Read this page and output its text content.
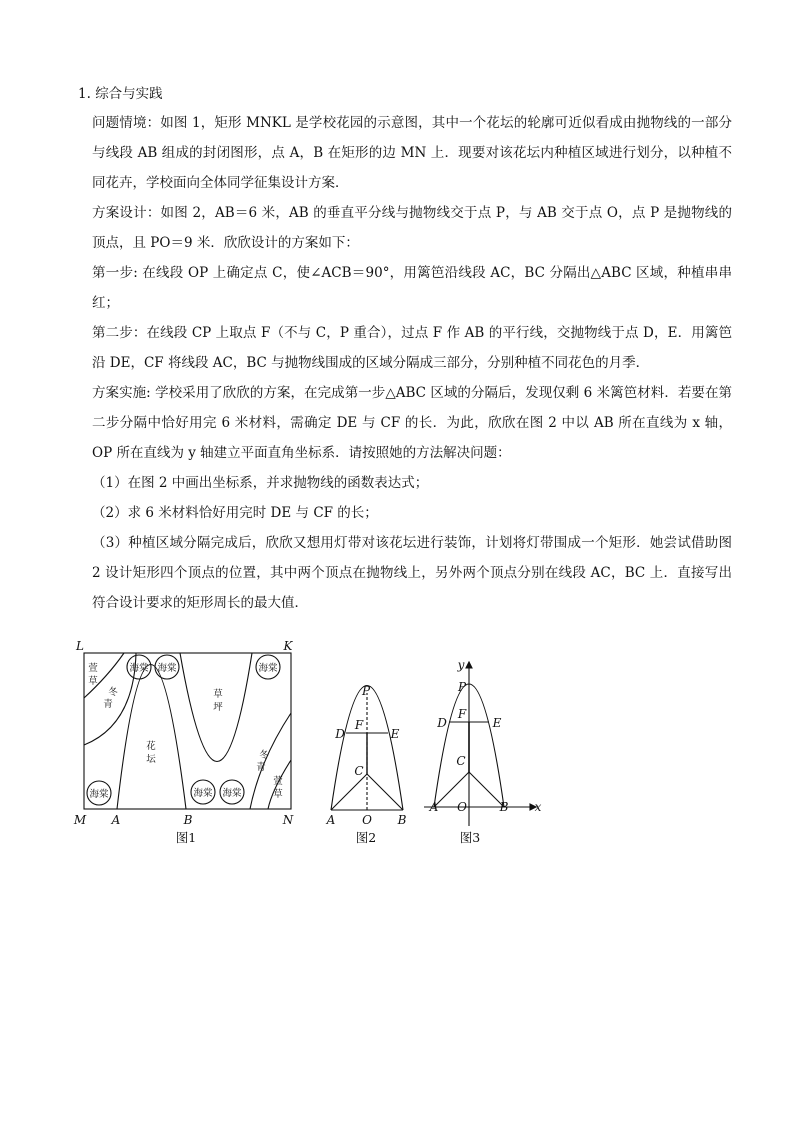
1. 综合与实践

问题情境：如图 1，矩形 MNKL 是学校花园的示意图，其中一个花坛的轮廓可近似看成由抛物线的一部分与线段 AB 组成的封闭图形，点 A，B 在矩形的边 MN 上．现要对该花坛内种植区域进行划分，以种植不同花卉，学校面向全体同学征集设计方案．

方案设计：如图 2，AB＝6 米，AB 的垂直平分线与抛物线交于点 P，与 AB 交于点 O，点 P 是抛物线的顶点，且 PO＝9 米．欣欣设计的方案如下：

第一步: 在线段 OP 上确定点 C，使∠ACB＝90°，用篱笆沿线段 AC，BC 分隔出△ABC 区域，种植串串红；

第二步：在线段 CP 上取点 F（不与 C，P 重合），过点 F 作 AB 的平行线，交抛物线于点 D，E．用篱笆沿 DE，CF 将线段 AC，BC 与抛物线围成的区域分隔成三部分，分别种植不同花色的月季．

方案实施: 学校采用了欣欣的方案，在完成第一步△ABC 区域的分隔后，发现仅剩 6 米篱笆材料．若要在第二步分隔中恰好用完 6 米材料，需确定 DE 与 CF 的长．为此，欣欣在图 2 中以 AB 所在直线为 x 轴，OP 所在直线为 y 轴建立平面直角坐标系．请按照她的方法解决问题：

（1）在图 2 中画出坐标系，并求抛物线的函数表达式；

（2）求 6 米材料恰好用完时 DE 与 CF 的长；

（3）种植区域分隔完成后，欣欣又想用灯带对该花坛进行装饰，计划将灯带围成一个矩形．她尝试借助图 2 设计矩形四个顶点的位置，其中两个顶点在抛物线上，另外两个顶点分别在线段 AC，BC 上．直接写出符合设计要求的矩形周长的最大值．

海棠 海棠	海棠
海棠	海棠 海棠
萱
草
冬
青
草
坪
花
坛	冬
青
萱
草
L	K
M	N
A	B
图1
P
F
D	E
C
A O B
图2
y
x
P
F
D	E
C
A O	B
图3
